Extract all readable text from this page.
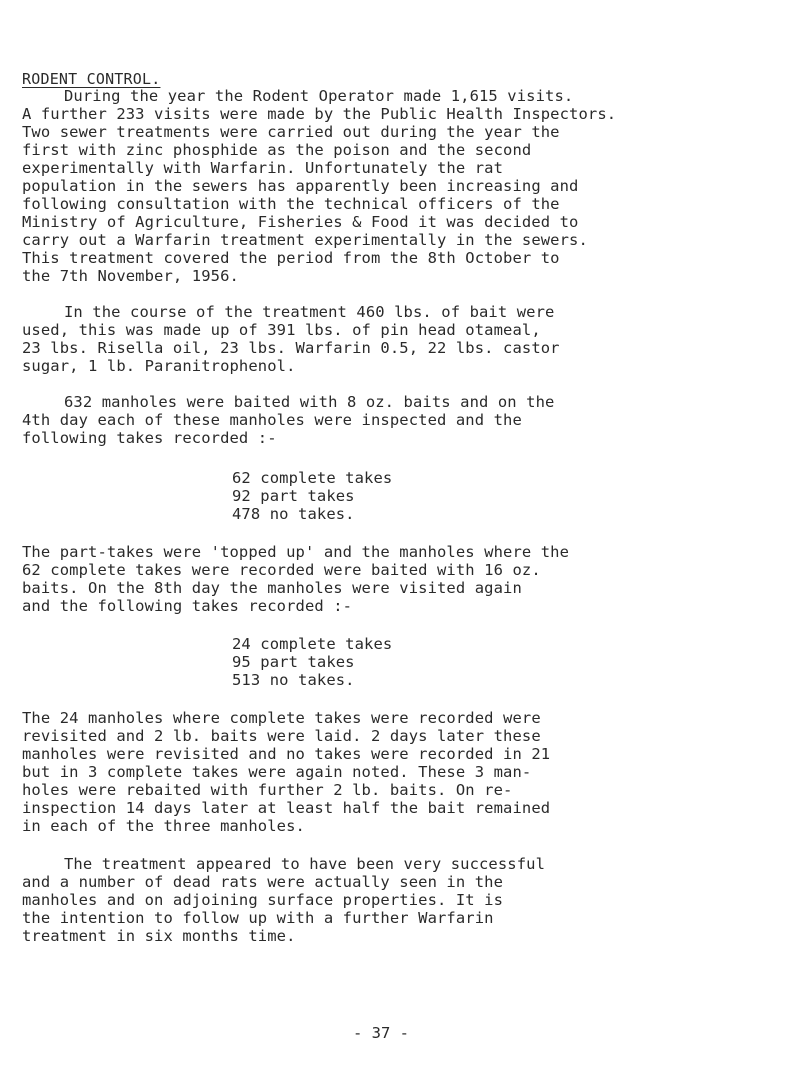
RODENT CONTROL.
During the year the Rodent Operator made 1,615 visits.
A further 233 visits were made by the Public Health Inspectors.
Two sewer treatments were carried out during the year the
first with zinc phosphide as the poison and the second
experimentally with Warfarin. Unfortunately the rat
population in the sewers has apparently been increasing and
following consultation with the technical officers of the
Ministry of Agriculture, Fisheries & Food it was decided to
carry out a Warfarin treatment experimentally in the sewers.
This treatment covered the period from the 8th October to
the 7th November, 1956.
In the course of the treatment 460 lbs. of bait were
used, this was made up of 391 lbs. of pin head otameal,
23 lbs. Risella oil, 23 lbs. Warfarin 0.5, 22 lbs. castor
sugar, 1 lb. Paranitrophenol.
632 manholes were baited with 8 oz. baits and on the
4th day each of these manholes were inspected and the
following takes recorded :-
62 complete takes
92 part takes
478 no takes.
The part-takes were 'topped up' and the manholes where the
62 complete takes were recorded were baited with 16 oz.
baits. On the 8th day the manholes were visited again
and the following takes recorded :-
24 complete takes
95 part takes
513 no takes.
The 24 manholes where complete takes were recorded were
revisited and 2 lb. baits were laid. 2 days later these
manholes were revisited and no takes were recorded in 21
but in 3 complete takes were again noted. These 3 man-
holes were rebaited with further 2 lb. baits. On re-
inspection 14 days later at least half the bait remained
in each of the three manholes.
The treatment appeared to have been very successful
and a number of dead rats were actually seen in the
manholes and on adjoining surface properties. It is
the intention to follow up with a further Warfarin
treatment in six months time.
- 37 -
